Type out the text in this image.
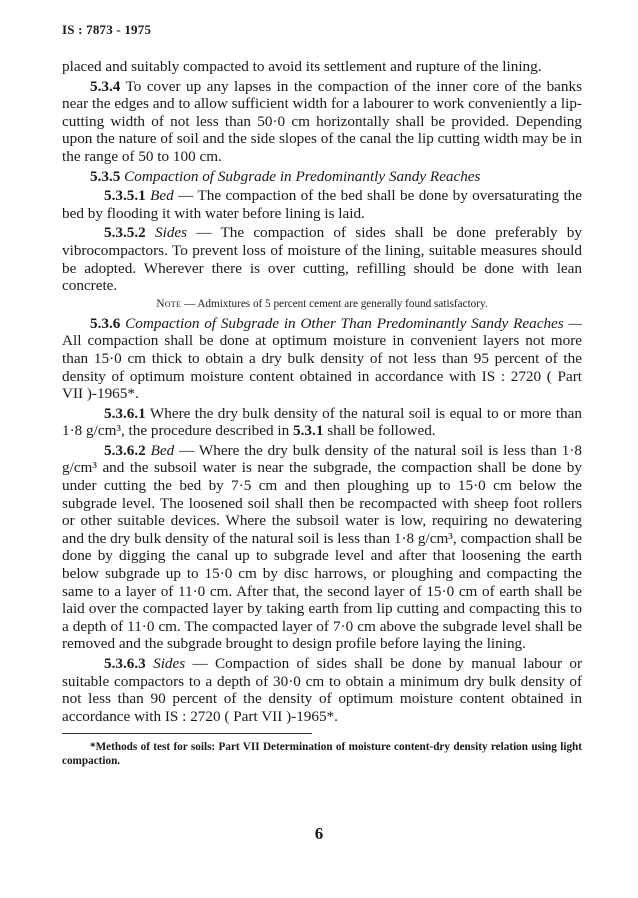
IS : 7873 - 1975

placed and suitably compacted to avoid its settlement and rupture of the lining.

5.3.4 To cover up any lapses in the compaction of the inner core of the banks near the edges and to allow sufficient width for a labourer to work conveniently a lip-cutting width of not less than 50·0 cm horizontally shall be provided. Depending upon the nature of soil and the side slopes of the canal the lip cutting width may be in the range of 50 to 100 cm.

5.3.5 Compaction of Subgrade in Predominantly Sandy Reaches

5.3.5.1 Bed — The compaction of the bed shall be done by oversaturating the bed by flooding it with water before lining is laid.

5.3.5.2 Sides — The compaction of sides shall be done preferably by vibrocompactors. To prevent loss of moisture of the lining, suitable measures should be adopted. Wherever there is over cutting, refilling should be done with lean concrete.

Note — Admixtures of 5 percent cement are generally found satisfactory.

5.3.6 Compaction of Subgrade in Other Than Predominantly Sandy Reaches — All compaction shall be done at optimum moisture in convenient layers not more than 15·0 cm thick to obtain a dry bulk density of not less than 95 percent of the density of optimum moisture content obtained in accordance with IS : 2720 ( Part VII )-1965*.

5.3.6.1 Where the dry bulk density of the natural soil is equal to or more than 1·8 g/cm³, the procedure described in 5.3.1 shall be followed.

5.3.6.2 Bed — Where the dry bulk density of the natural soil is less than 1·8 g/cm³ and the subsoil water is near the subgrade, the compaction shall be done by under cutting the bed by 7·5 cm and then ploughing up to 15·0 cm below the subgrade level. The loosened soil shall then be recompacted with sheep foot rollers or other suitable devices. Where the subsoil water is low, requiring no dewatering and the dry bulk density of the natural soil is less than 1·8 g/cm³, compaction shall be done by digging the canal up to subgrade level and after that loosening the earth below subgrade up to 15·0 cm by disc harrows, or ploughing and compacting the same to a layer of 11·0 cm. After that, the second layer of 15·0 cm of earth shall be laid over the compacted layer by taking earth from lip cutting and compacting this to a depth of 11·0 cm. The compacted layer of 7·0 cm above the subgrade level shall be removed and the subgrade brought to design profile before laying the lining.

5.3.6.3 Sides — Compaction of sides shall be done by manual labour or suitable compactors to a depth of 30·0 cm to obtain a minimum dry bulk density of not less than 90 percent of the density of optimum moisture content obtained in accordance with IS : 2720 ( Part VII )-1965*.

*Methods of test for soils: Part VII Determination of moisture content-dry density relation using light compaction.

6
